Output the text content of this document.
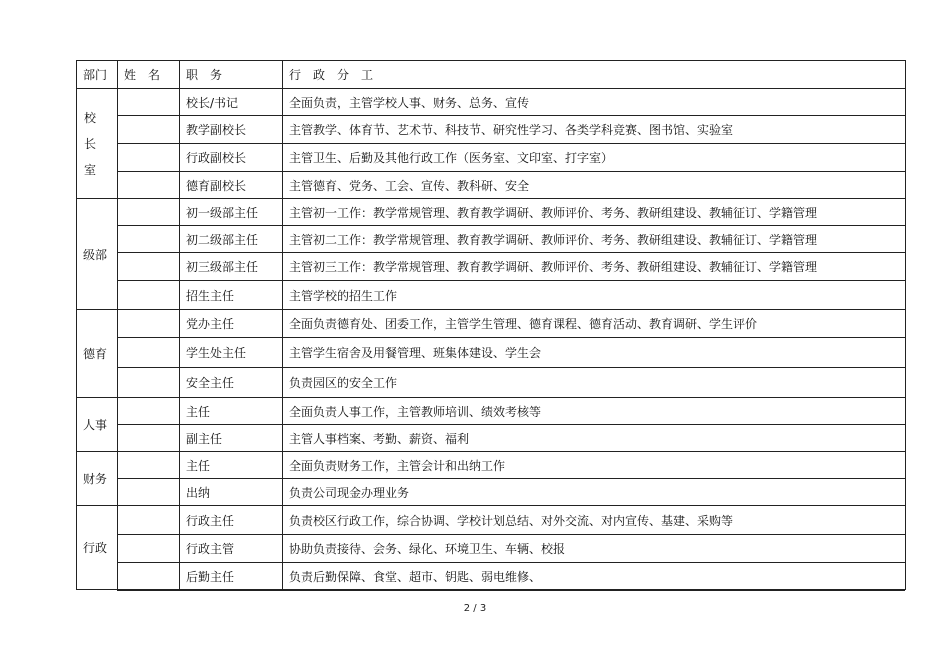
部门	姓　名	职　务	行　政　分　工
校长室		校长/书记	全面负责，主管学校人事、财务、总务、宣传
		教学副校长	主管教学、体育节、艺术节、科技节、研究性学习、各类学科竞赛、图书馆、实验室
		行政副校长	主管卫生、后勤及其他行政工作（医务室、文印室、打字室）
		德育副校长	主管德育、党务、工会、宣传、教科研、安全
级部		初一级部主任	主管初一工作：教学常规管理、教育教学调研、教师评价、考务、教研组建设、教辅征订、学籍管理
		初二级部主任	主管初二工作：教学常规管理、教育教学调研、教师评价、考务、教研组建设、教辅征订、学籍管理
		初三级部主任	主管初三工作：教学常规管理、教育教学调研、教师评价、考务、教研组建设、教辅征订、学籍管理
		招生主任	主管学校的招生工作
德育		党办主任	全面负责德育处、团委工作，主管学生管理、德育课程、德育活动、教育调研、学生评价
		学生处主任	主管学生宿舍及用餐管理、班集体建设、学生会
		安全主任	负责园区的安全工作
人事		主任	全面负责人事工作，主管教师培训、绩效考核等
		副主任	主管人事档案、考勤、薪资、福利
财务		主任	全面负责财务工作，主管会计和出纳工作
		出纳	负责公司现金办理业务
行政		行政主任	负责校区行政工作，综合协调、学校计划总结、对外交流、对内宣传、基建、采购等
		行政主管	协助负责接待、会务、绿化、环境卫生、车辆、校报
		后勤主任	负责后勤保障、食堂、超市、钥匙、弱电维修、
2 / 3
